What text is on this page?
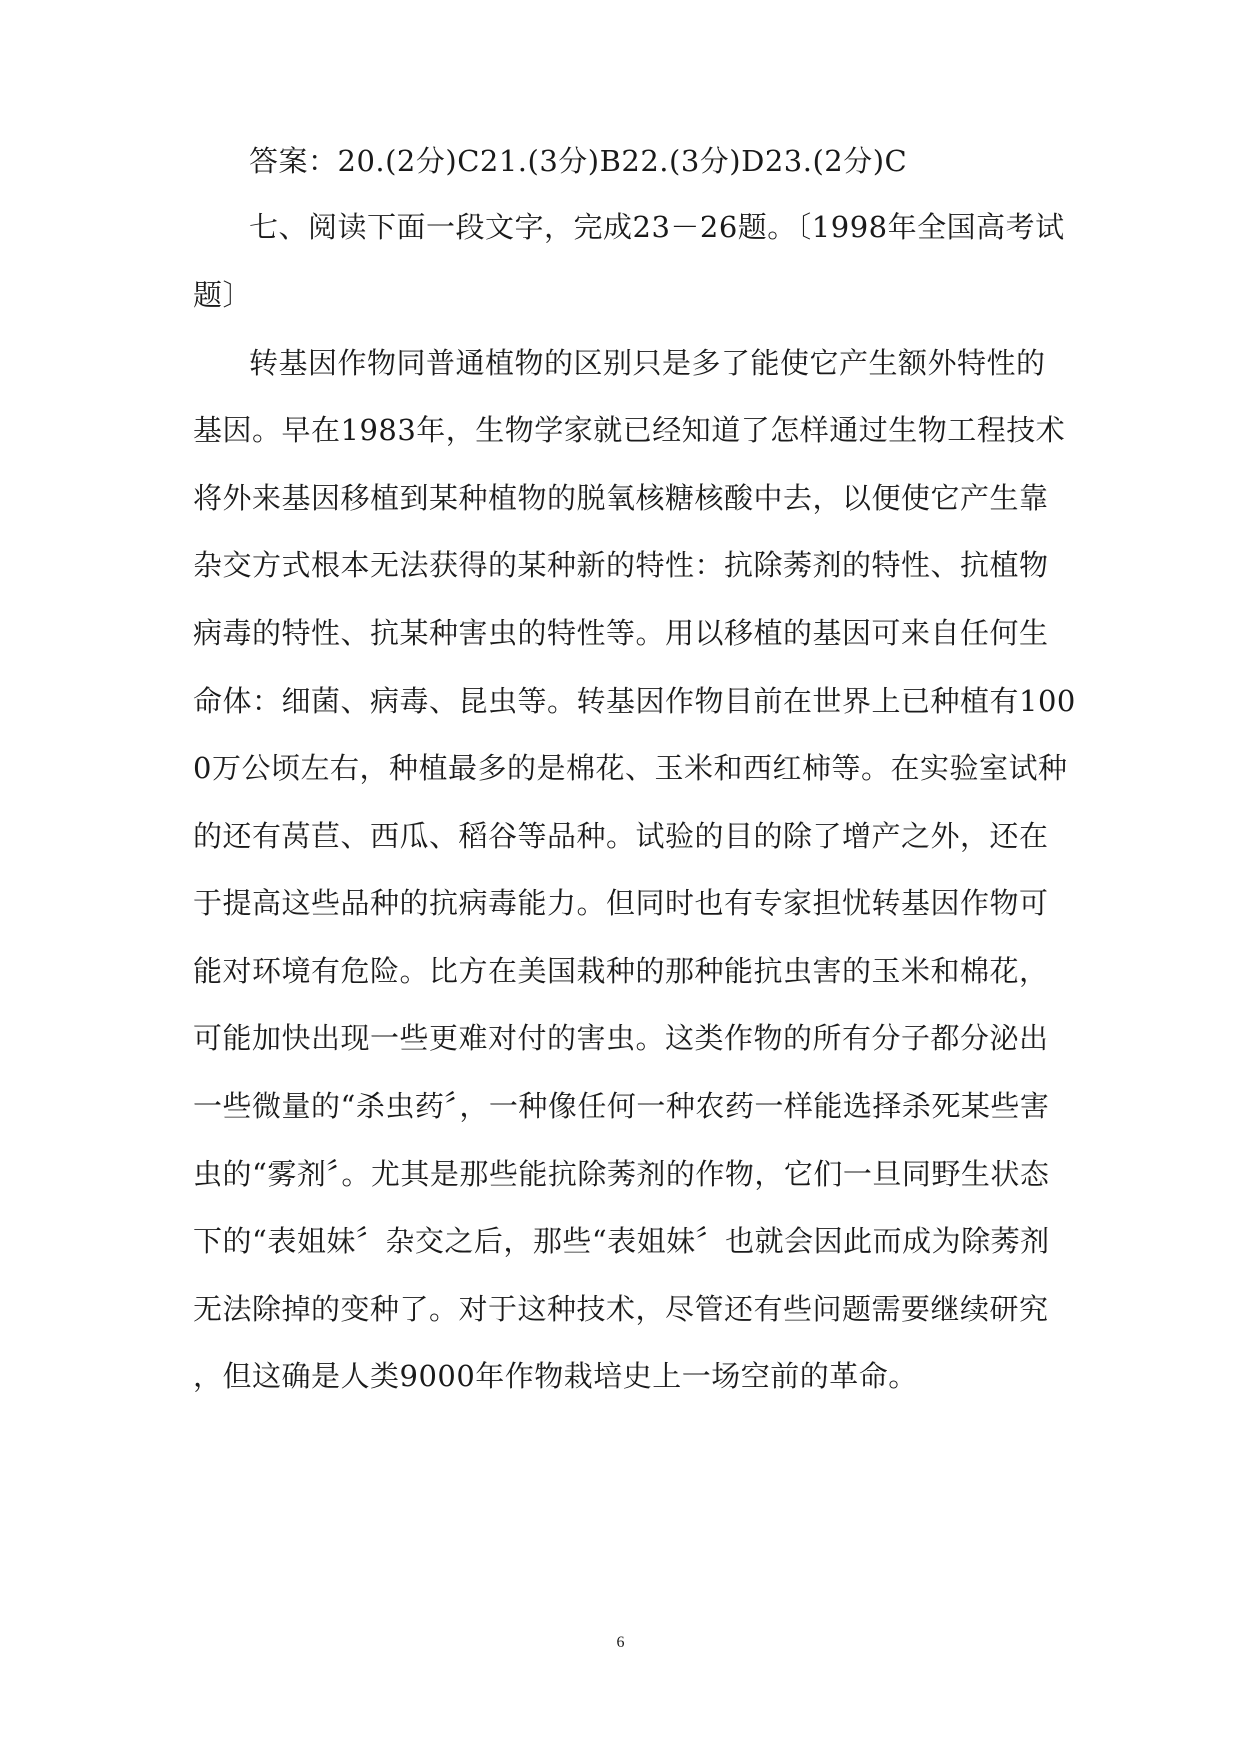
答案：20.(2分)C21.(3分)B22.(3分)D23.(2分)C
七、阅读下面一段文字，完成23－26题。〔1998年全国高考试
题〕
转基因作物同普通植物的区别只是多了能使它产生额外特性的
基因。早在1983年，生物学家就已经知道了怎样通过生物工程技术
将外来基因移植到某种植物的脱氧核糖核酸中去，以便使它产生靠
杂交方式根本无法获得的某种新的特性：抗除莠剂的特性、抗植物
病毒的特性、抗某种害虫的特性等。用以移植的基因可来自任何生
命体：细菌、病毒、昆虫等。转基因作物目前在世界上已种植有100
0万公顷左右，种植最多的是棉花、玉米和西红柿等。在实验室试种
的还有莴苣、西瓜、稻谷等品种。试验的目的除了增产之外，还在
于提高这些品种的抗病毒能力。但同时也有专家担忧转基因作物可
能对环境有危险。比方在美国栽种的那种能抗虫害的玉米和棉花，
可能加快出现一些更难对付的害虫。这类作物的所有分子都分泌出
一些微量的“杀虫药〞，一种像任何一种农药一样能选择杀死某些害
虫的“雾剂〞。尤其是那些能抗除莠剂的作物，它们一旦同野生状态
下的“表姐妹〞杂交之后，那些“表姐妹〞也就会因此而成为除莠剂
无法除掉的变种了。对于这种技术，尽管还有些问题需要继续研究
，但这确是人类9000年作物栽培史上一场空前的革命。
6
